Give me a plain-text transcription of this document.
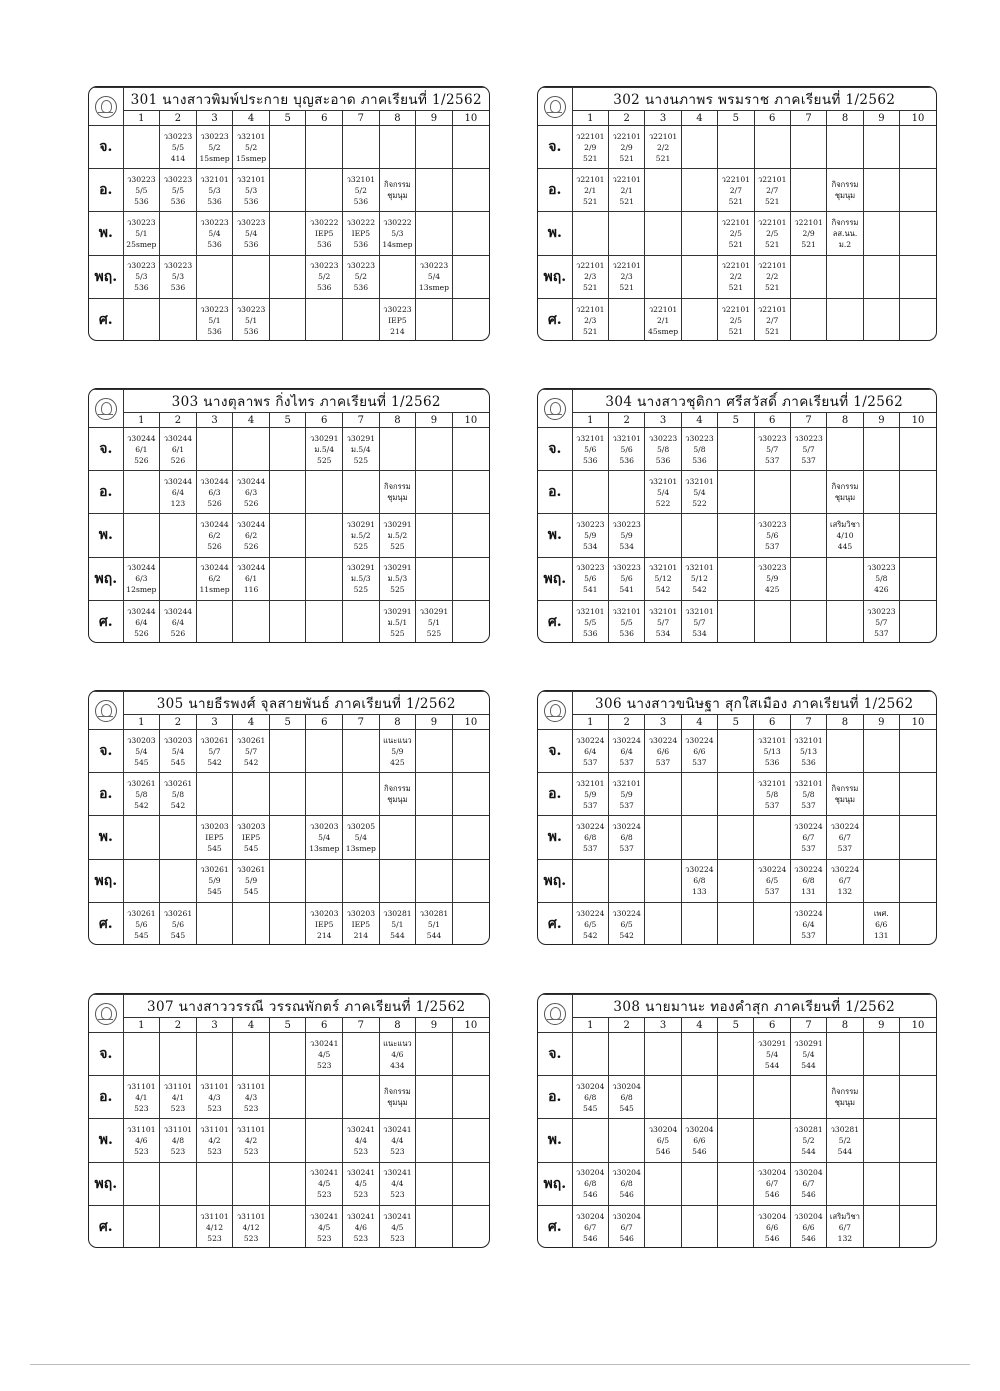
	301 นางสาวพิมพ์ประกาย บุญสะอาด ภาคเรียนที่ 1/2562									
	1	2	3	4	5	6	7	8	9	10
จ.		ว30223
5/5
414	ว30223
5/2
15smep	ว32101
5/2
15smep						

อ.	ว30223
5/5
536	ว30223
5/5
536	ว32101
5/3
536	ว32101
5/3
536			ว32101
5/2
536	กิจกรรม
ชุมนุม		

พ.	ว30223
5/1
25smep		ว30223
5/4
536	ว30223
5/4
536		ว30222
IEP5
536	ว30222
IEP5
536	ว30222
5/3
14smep		

พฤ.	ว30223
5/3
536	ว30223
5/3
536				ว30223
5/2
536	ว30223
5/2
536		ว30223
5/4
13smep	

ศ.			ว30223
5/1
536	ว30223
5/1
536				ว30223
IEP5
214		

	302 นางนภาพร พรมราช ภาคเรียนที่ 1/2562									
	1	2	3	4	5	6	7	8	9	10
จ.	ว22101
2/9
521	ว22101
2/9
521	ว22101
2/2
521							

อ.	ว22101
2/1
521	ว22101
2/1
521			ว22101
2/7
521	ว22101
2/7
521		กิจกรรม
ชุมนุม		

พ.					ว22101
2/5
521	ว22101
2/5
521	ว22101
2/9
521	กิจกรรม
ลส.นน.
ม.2		

พฤ.	ว22101
2/3
521	ว22101
2/3
521			ว22101
2/2
521	ว22101
2/2
521				

ศ.	ว22101
2/3
521		ว22101
2/1
45smep		ว22101
2/5
521	ว22101
2/7
521				

	303 นางตุลาพร กิ่งไทร ภาคเรียนที่ 1/2562									
	1	2	3	4	5	6	7	8	9	10
จ.	ว30244
6/1
526	ว30244
6/1
526				ว30291
ม.5/4
525	ว30291
ม.5/4
525			

อ.		ว30244
6/4
123	ว30244
6/3
526	ว30244
6/3
526				กิจกรรม
ชุมนุม		

พ.			ว30244
6/2
526	ว30244
6/2
526			ว30291
ม.5/2
525	ว30291
ม.5/2
525		

พฤ.	ว30244
6/3
12smep		ว30244
6/2
11smep	ว30244
6/1
116			ว30291
ม.5/3
525	ว30291
ม.5/3
525		

ศ.	ว30244
6/4
526	ว30244
6/4
526						ว30291
ม.5/1
525	ว30291
5/1
525	

	304 นางสาวชุติกา ศรีสวัสดิ์ ภาคเรียนที่ 1/2562									
	1	2	3	4	5	6	7	8	9	10
จ.	ว32101
5/6
536	ว32101
5/6
536	ว30223
5/8
536	ว30223
5/8
536		ว30223
5/7
537	ว30223
5/7
537			

อ.			ว32101
5/4
522	ว32101
5/4
522				กิจกรรม
ชุมนุม		

พ.	ว30223
5/9
534	ว30223
5/9
534				ว30223
5/6
537		เสริมวิชา
4/10
445		

พฤ.	ว30223
5/6
541	ว30223
5/6
541	ว32101
5/12
542	ว32101
5/12
542		ว30223
5/9
425			ว30223
5/8
426	

ศ.	ว32101
5/5
536	ว32101
5/5
536	ว32101
5/7
534	ว32101
5/7
534					ว30223
5/7
537	

	305 นายธีรพงศ์ จุลสายพันธ์ ภาคเรียนที่ 1/2562									
	1	2	3	4	5	6	7	8	9	10
จ.	ว30203
5/4
545	ว30203
5/4
545	ว30261
5/7
542	ว30261
5/7
542				แนะแนว
5/9
425		

อ.	ว30261
5/8
542	ว30261
5/8
542						กิจกรรม
ชุมนุม		

พ.			ว30203
IEP5
545	ว30203
IEP5
545		ว30203
5/4
13smep	ว30205
5/4
13smep			

พฤ.			ว30261
5/9
545	ว30261
5/9
545						

ศ.	ว30261
5/6
545	ว30261
5/6
545				ว30203
IEP5
214	ว30203
IEP5
214	ว30281
5/1
544	ว30281
5/1
544	

	306 นางสาวขนิษฐา สุกใสเมือง ภาคเรียนที่ 1/2562									
	1	2	3	4	5	6	7	8	9	10
จ.	ว30224
6/4
537	ว30224
6/4
537	ว30224
6/6
537	ว30224
6/6
537		ว32101
5/13
536	ว32101
5/13
536			

อ.	ว32101
5/9
537	ว32101
5/9
537				ว32101
5/8
537	ว32101
5/8
537	กิจกรรม
ชุมนุม		

พ.	ว30224
6/8
537	ว30224
6/8
537					ว30224
6/7
537	ว30224
6/7
537		

พฤ.				ว30224
6/8
133		ว30224
6/5
537	ว30224
6/8
131	ว30224
6/7
132		

ศ.	ว30224
6/5
542	ว30224
6/5
542					ว30224
6/4
537		เพศ.
6/6
131	

	307 นางสาววรรณี วรรณพักตร์ ภาคเรียนที่ 1/2562									
	1	2	3	4	5	6	7	8	9	10
จ.						ว30241
4/5
523		แนะแนว
4/6
434		

อ.	ว31101
4/1
523	ว31101
4/1
523	ว31101
4/3
523	ว31101
4/3
523				กิจกรรม
ชุมนุม		

พ.	ว31101
4/6
523	ว31101
4/8
523	ว31101
4/2
523	ว31101
4/2
523			ว30241
4/4
523	ว30241
4/4
523		

พฤ.						ว30241
4/5
523	ว30241
4/5
523	ว30241
4/4
523		

ศ.			ว31101
4/12
523	ว31101
4/12
523		ว30241
4/5
523	ว30241
4/6
523	ว30241
4/5
523		

	308 นายมานะ ทองคำสุก ภาคเรียนที่ 1/2562									
	1	2	3	4	5	6	7	8	9	10
จ.						ว30291
5/4
544	ว30291
5/4
544			

อ.	ว30204
6/8
545	ว30204
6/8
545						กิจกรรม
ชุมนุม		

พ.			ว30204
6/5
546	ว30204
6/6
546			ว30281
5/2
544	ว30281
5/2
544		

พฤ.	ว30204
6/8
546	ว30204
6/8
546				ว30204
6/7
546	ว30204
6/7
546			

ศ.	ว30204
6/7
546	ว30204
6/7
546				ว30204
6/6
546	ว30204
6/6
546	เสริมวิชา
6/7
132		
